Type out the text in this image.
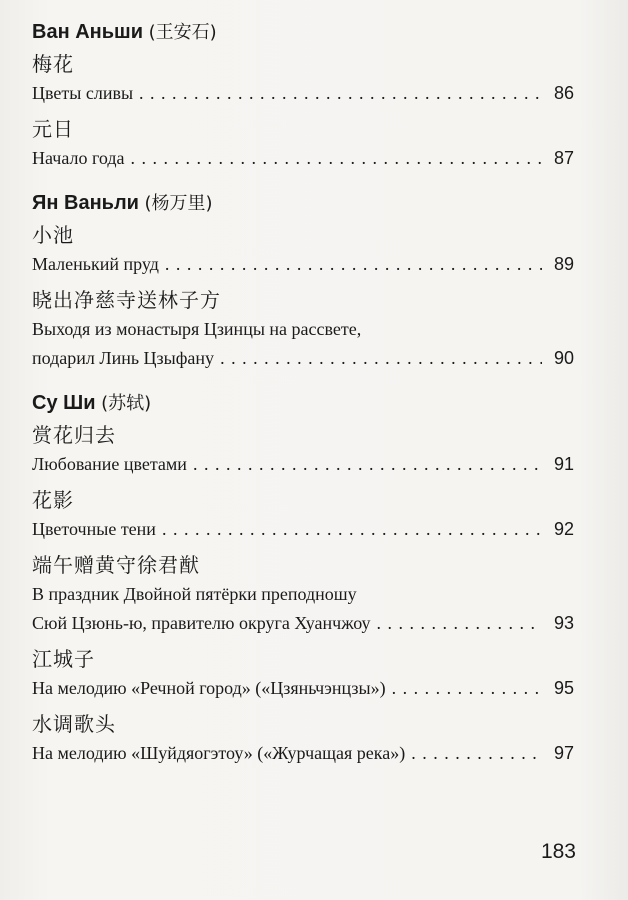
Ван Аньши (王安石)
梅花
Цветы сливы . . .	86
元日
Начало года . . .	87
Ян Ваньли (杨万里)
小池
Маленький пруд . . .	89
晓出净慈寺送林子方
Выходя из монастыря Цзинцы на рассвете,
подарил Линь Цзыфану . . .	90
Су Ши (苏轼)
赏花归去
Любование цветами . . .	91
花影
Цветочные тени . . .	92
端午赠黄守徐君猷
В праздник Двойной пятёрки преподношу
Сюй Цзюнь-ю, правителю округа Хуанчжоу . . .	93
江城子
На мелодию «Речной город» («Цзяньчэнцзы») . . .	95
水调歌头
На мелодию «Шуйдяогэтоу» («Журчащая река») . . .	97
183
